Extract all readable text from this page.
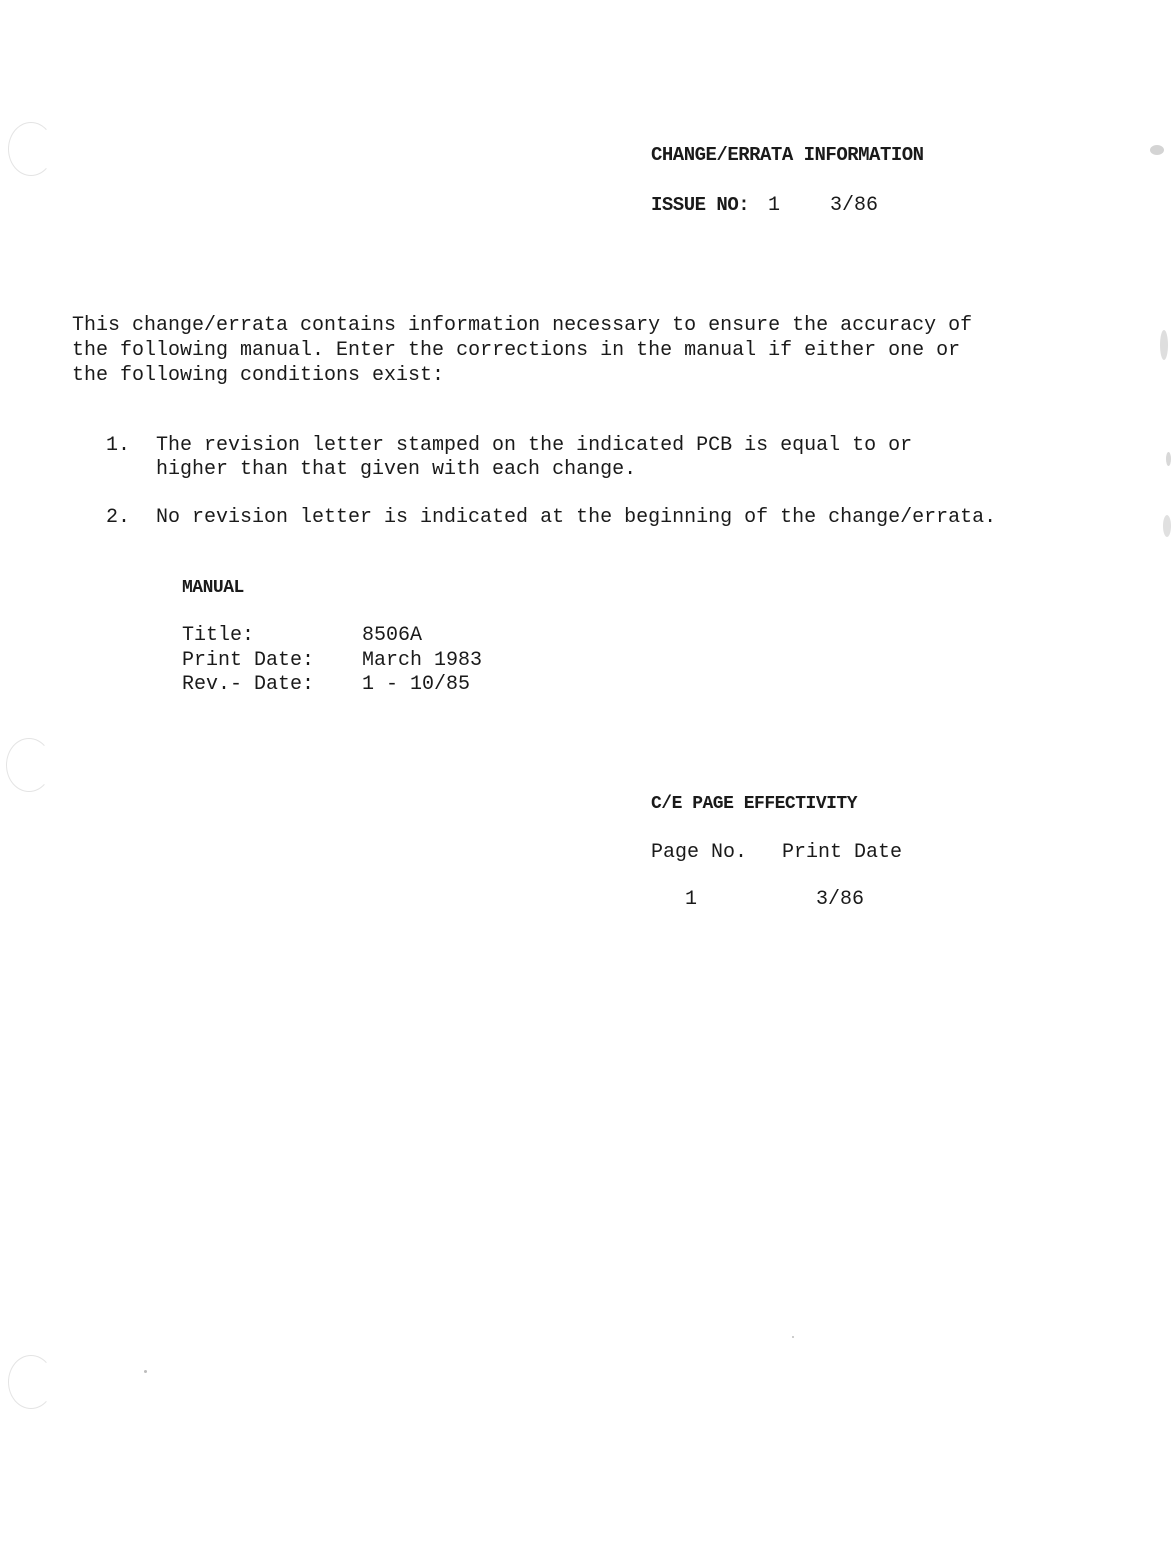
CHANGE/ERRATA INFORMATION
ISSUE NO: 1 3/86
This change/errata contains information necessary to ensure the accuracy of
the following manual. Enter the corrections in the manual if either one or
the following conditions exist:
1. The revision letter stamped on the indicated PCB is equal to or
higher than that given with each change.
2. No revision letter is indicated at the beginning of the change/errata.
MANUAL
Title:	8506A
Print Date: March 1983
Rev.- Date: 1 - 10/85
C/E PAGE EFFECTIVITY
Page No. Print Date
1	3/86
